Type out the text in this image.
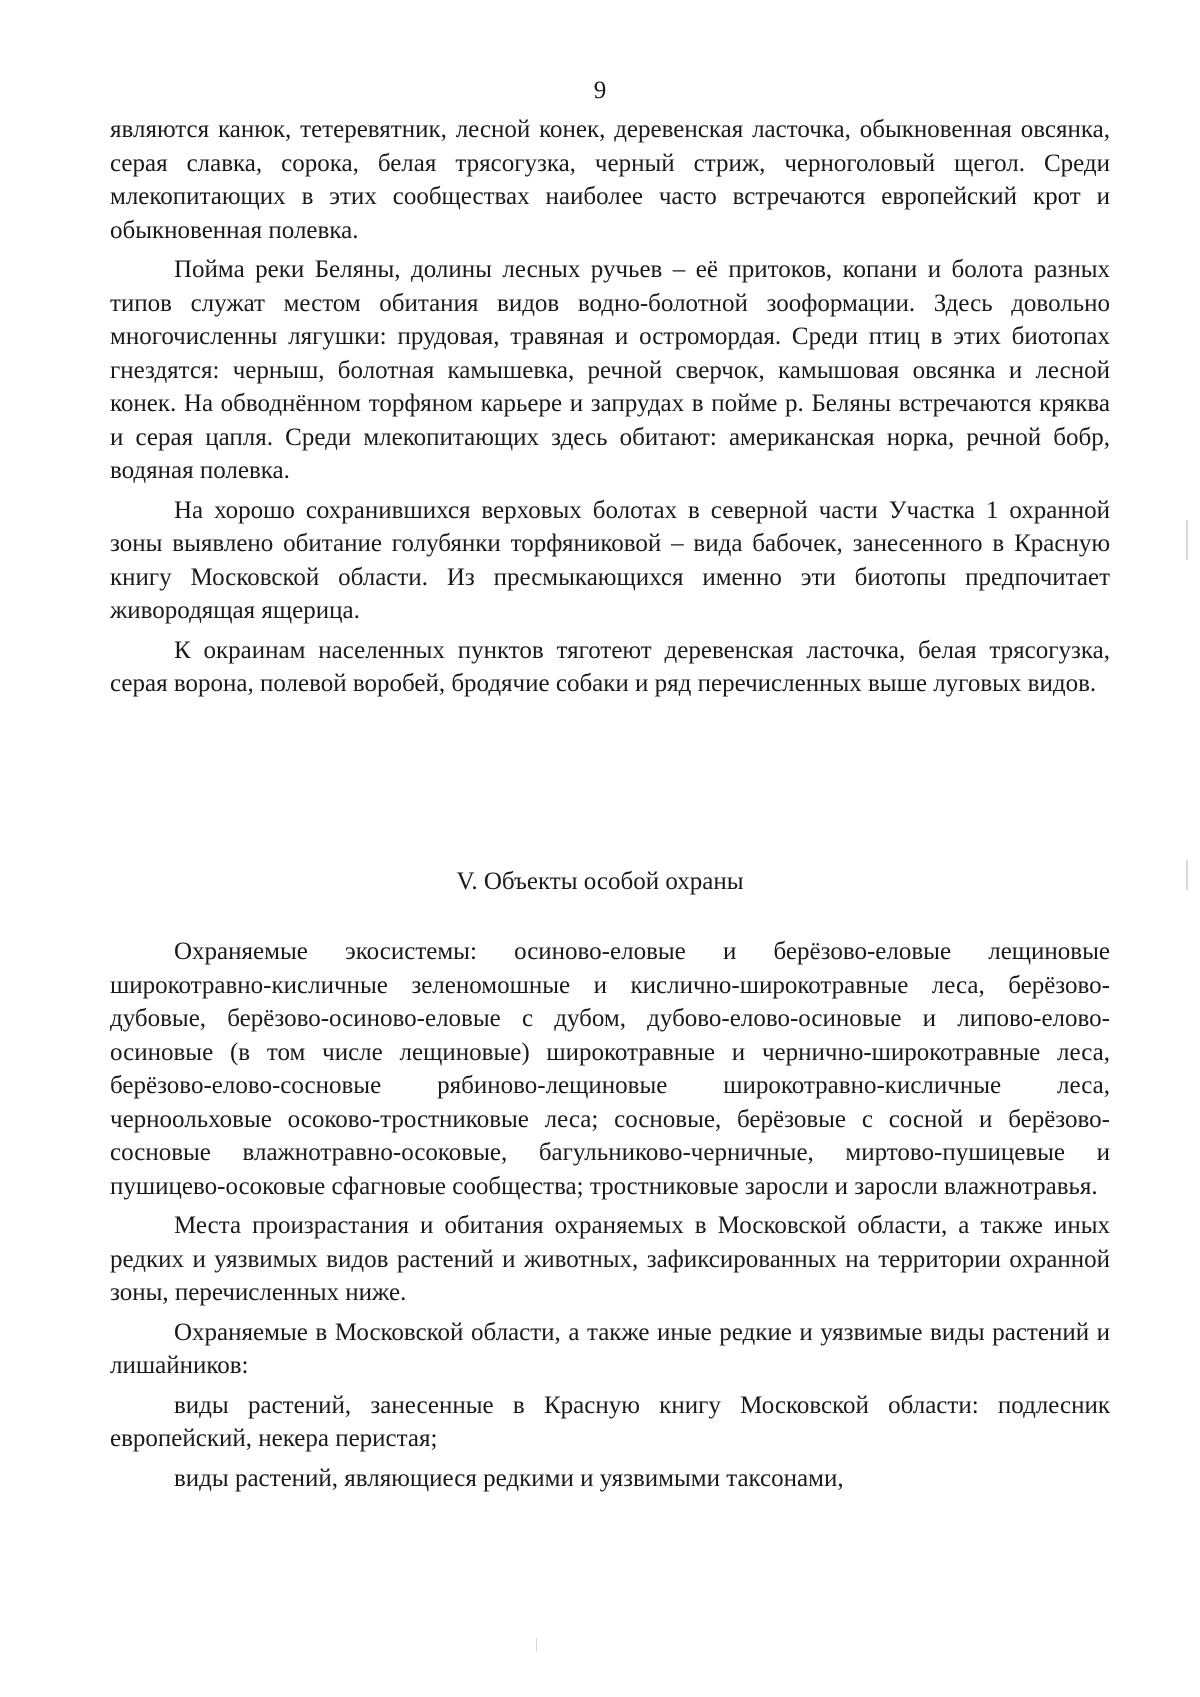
9

являются канюк, тетеревятник, лесной конек, деревенская ласточка, обыкновенная овсянка, серая славка, сорока, белая трясогузка, черный стриж, черноголовый щегол. Среди млекопитающих в этих сообществах наиболее часто встречаются европейский крот и обыкновенная полевка.

Пойма реки Беляны, долины лесных ручьев – её притоков, копани и болота разных типов служат местом обитания видов водно-болотной зооформации. Здесь довольно многочисленны лягушки: прудовая, травяная и остромордая. Среди птиц в этих биотопах гнездятся: черныш, болотная камышевка, речной сверчок, камышовая овсянка и лесной конек. На обводнённом торфяном карьере и запрудах в пойме р. Беляны встречаются кряква и серая цапля. Среди млекопитающих здесь обитают: американская норка, речной бобр, водяная полевка.

На хорошо сохранившихся верховых болотах в северной части Участка 1 охранной зоны выявлено обитание голубянки торфяниковой – вида бабочек, занесенного в Красную книгу Московской области. Из пресмыкающихся именно эти биотопы предпочитает живородящая ящерица.

К окраинам населенных пунктов тяготеют деревенская ласточка, белая трясогузка, серая ворона, полевой воробей, бродячие собаки и ряд перечисленных выше луговых видов.

V. Объекты особой охраны

Охраняемые экосистемы: осиново-еловые и берёзово-еловые лещиновые широкотравно-кисличные зеленомошные и кислично-широкотравные леса, берёзово-дубовые, берёзово-осиново-еловые с дубом, дубово-елово-осиновые и липово-елово-осиновые (в том числе лещиновые) широкотравные и чернично-широкотравные леса, берёзово-елово-сосновые рябиново-лещиновые широкотравно-кисличные леса, черноольховые осоково-тростниковые леса; сосновые, берёзовые с сосной и берёзово-сосновые влажнотравно-осоковые, багульниково-черничные, миртово-пушицевые и пушицево-осоковые сфагновые сообщества; тростниковые заросли и заросли влажнотравья.

Места произрастания и обитания охраняемых в Московской области, а также иных редких и уязвимых видов растений и животных, зафиксированных на территории охранной зоны, перечисленных ниже.

Охраняемые в Московской области, а также иные редкие и уязвимые виды растений и лишайников:

виды растений, занесенные в Красную книгу Московской области: подлесник европейский, некера перистая;

виды растений, являющиеся редкими и уязвимыми таксонами,
